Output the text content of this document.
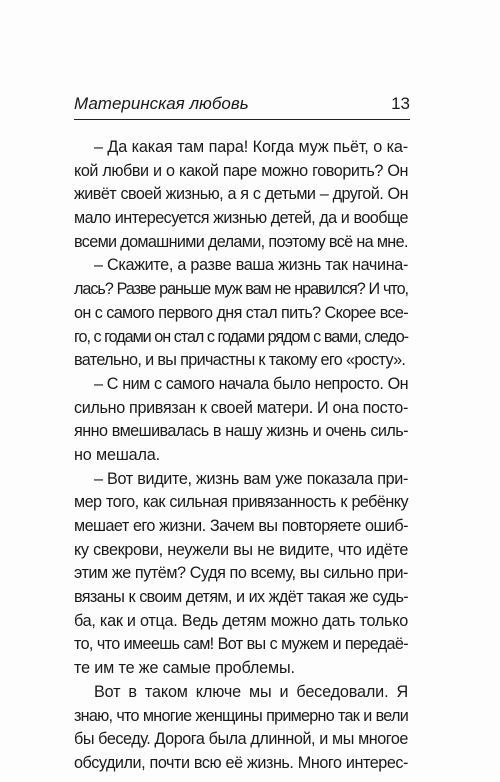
Материнская любовь	13
– Да какая там пара! Когда муж пьёт, о ка-
кой любви и о какой паре можно говорить? Он
живёт своей жизнью, а я с детьми – другой. Он
мало интересуется жизнью детей, да и вообще
всеми домашними делами, поэтому всё на мне.
– Скажите, а разве ваша жизнь так начина-
лась? Разве раньше муж вам не нравился? И что,
он с самого первого дня стал пить? Скорее все-
го, с годами он стал с годами рядом с вами, следо-
вательно, и вы причастны к такому его «росту».
– С ним с самого начала было непросто. Он
сильно привязан к своей матери. И она посто-
янно вмешивалась в нашу жизнь и очень силь-
но мешала.
– Вот видите, жизнь вам уже показала при-
мер того, как сильная привязанность к ребёнку
мешает его жизни. Зачем вы повторяете ошиб-
ку свекрови, неужели вы не видите, что идёте
этим же путём? Судя по всему, вы сильно при-
вязаны к своим детям, и их ждёт такая же судь-
ба, как и отца. Ведь детям можно дать только
то, что имеешь сам! Вот вы с мужем и передаё-
те им те же самые проблемы.
Вот в таком ключе мы и беседовали. Я
знаю, что многие женщины примерно так и вели
бы беседу. Дорога была длинной, и мы многое
обсудили, почти всю её жизнь. Много интерес-
